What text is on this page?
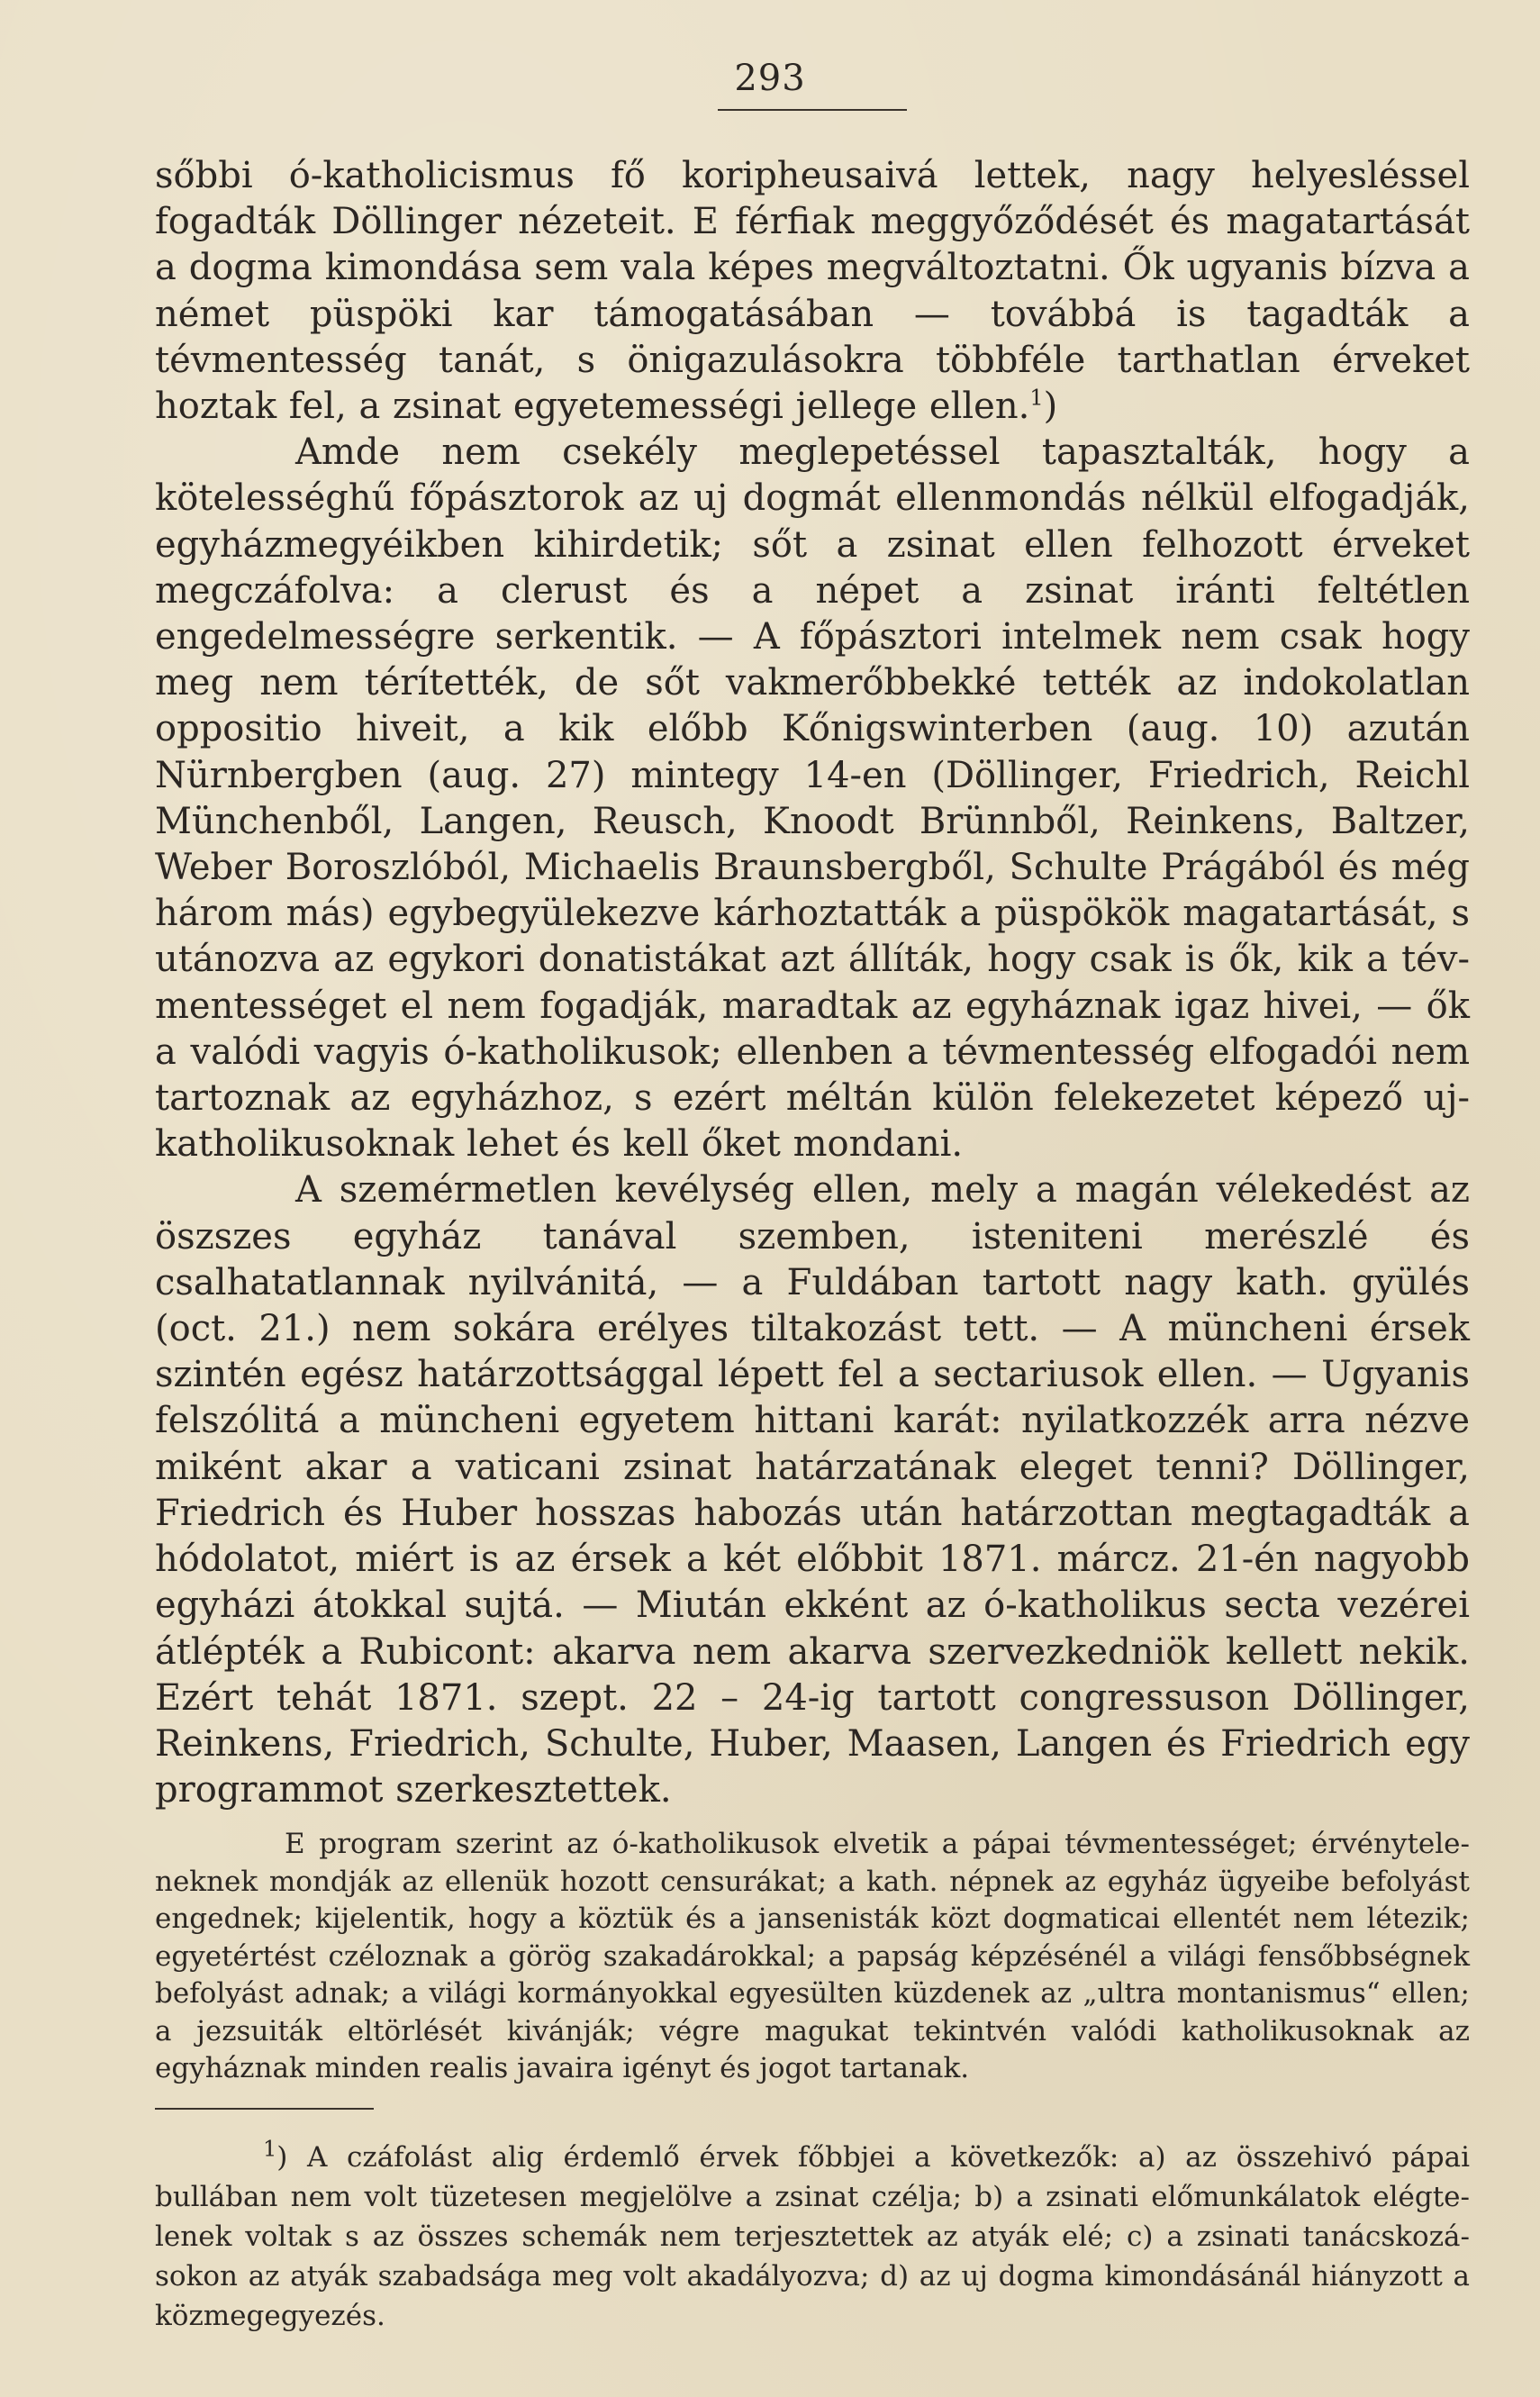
293

sőbbi ó-katholicismus fő koripheusaivá lettek, nagy helyesléssel fogadták Döllinger nézeteit. E férfiak meggyőződését és magatartását a dogma kimondása sem vala képes megváltoztatni. Ők ugyanis bízva a német püspöki kar támogatásában — továbbá is tagadták a tévmentesség tanát, s önigazulásokra többféle tarthatlan érveket hoztak fel, a zsinat egyetemességi jellege ellen.$^1$)

Amde nem csekély meglepetéssel tapasztalták, hogy a kötelességhű főpásztorok az uj dogmát ellenmondás nélkül elfogadják, egyházmegyéikben kihirdetik; sőt a zsinat ellen felhozott érveket megczáfolva: a clerust és a népet a zsinat iránti feltétlen engedelmességre serkentik. — A főpásztori intelmek nem csak hogy meg nem térítették, de sőt vakmerőbbekké tették az indokolatlan oppositio hiveit, a kik előbb Kőnigswinterben (aug. 10) azután Nürnbergben (aug. 27) mintegy 14-en (Döllinger, Friedrich, Reichl Münchenből, Langen, Reusch, Knoodt Brünnből, Reinkens, Baltzer, Weber Boroszlóból, Michaelis Braunsbergből, Schulte Prágából és még három más) egybegyülekezve kárhoztatták a püspökök magatartását, s utánozva az egykori donatistákat azt állíták, hogy csak is ők, kik a tévmentességet el nem fogadják, maradtak az egyháznak igaz hivei, — ők a valódi vagyis ó-katholikusok; ellenben a tévmentesség elfogadói nem tartoznak az egyházhoz, s ezért méltán külön felekezetet képező uj-katholikusoknak lehet és kell őket mondani.

A szemérmetlen kevélység ellen, mely a magán vélekedést az öszszes egyház tanával szemben, isteniteni merészlé és csalhatatlannak nyilvánitá, — a Fuldában tartott nagy kath. gyülés (oct. 21.) nem sokára erélyes tiltakozást tett. — A müncheni érsek szintén egész határzottsággal lépett fel a sectariusok ellen. — Ugyanis felszólitá a müncheni egyetem hittani karát: nyilatkozzék arra nézve miként akar a vaticani zsinat határzatának eleget tenni? Döllinger, Friedrich és Huber hosszas habozás után határzottan megtagadták a hódolatot, miért is az érsek a két előbbit 1871. márcz. 21-én nagyobb egyházi átokkal sujtá. — Miután ekként az ó-katholikus secta vezérei átlépték a Rubicont: akarva nem akarva szervezkedniök kellett nekik. Ezért tehát 1871. szept. 22 – 24-ig tartott congressuson Döllinger, Reinkens, Friedrich, Schulte, Huber, Maasen, Langen és Friedrich egy programmot szerkesztettek.

E program szerint az ó-katholikusok elvetik a pápai tévmentességet; érvényteleneknek mondják az ellenük hozott censurákat; a kath. népnek az egyház ügyeibe befolyást engednek; kijelentik, hogy a köztük és a jansenisták közt dogmaticai ellentét nem létezik; egyetértést czéloznak a görög szakadárokkal; a papság képzésénél a világi fensőbbségnek befolyást adnak; a világi kormányokkal egyesülten küzdenek az „ultra montanismus“ ellen; a jezsuiták eltörlését kivánják; végre magukat tekintvén valódi katholikusoknak az egyháznak minden realis javaira igényt és jogot tartanak.

$^1$) A czáfolást alig érdemlő érvek főbbjei a következők: a) az összehivó pápai bullában nem volt tüzetesen megjelölve a zsinat czélja; b) a zsinati előmunkálatok elégtelenek voltak s az összes schemák nem terjesztettek az atyák elé; c) a zsinati tanácskozásokon az atyák szabadsága meg volt akadályozva; d) az uj dogma kimondásánál hiányzott a közmegegyezés.
